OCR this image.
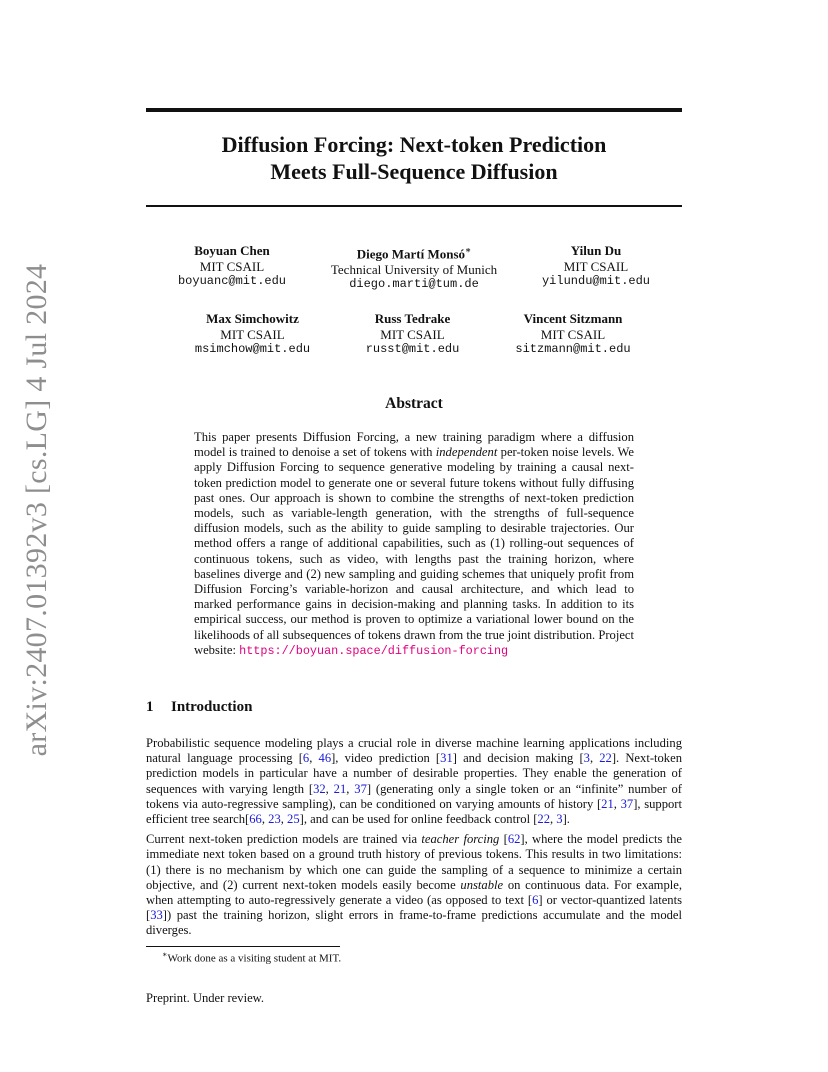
arXiv:2407.01392v3 [cs.LG] 4 Jul 2024
Diffusion Forcing: Next-token Prediction
Meets Full-Sequence Diffusion
Boyuan Chen
MIT CSAIL
boyuanc@mit.edu
Diego Martí Monsó∗
Technical University of Munich
diego.marti@tum.de
Yilun Du
MIT CSAIL
yilundu@mit.edu
Max Simchowitz
MIT CSAIL
msimchow@mit.edu
Russ Tedrake
MIT CSAIL
russt@mit.edu
Vincent Sitzmann
MIT CSAIL
sitzmann@mit.edu
Abstract
This paper presents Diffusion Forcing, a new training paradigm where a diffusion model is trained to denoise a set of tokens with independent per-token noise levels. We apply Diffusion Forcing to sequence generative modeling by training a causal next-token prediction model to generate one or several future tokens without fully diffusing past ones. Our approach is shown to combine the strengths of next-token prediction models, such as variable-length generation, with the strengths of full-sequence diffusion models, such as the ability to guide sampling to desirable trajectories. Our method offers a range of additional capabilities, such as (1) rolling-out sequences of continuous tokens, such as video, with lengths past the training horizon, where baselines diverge and (2) new sampling and guiding schemes that uniquely profit from Diffusion Forcing’s variable-horizon and causal architecture, and which lead to marked performance gains in decision-making and planning tasks. In addition to its empirical success, our method is proven to optimize a variational lower bound on the likelihoods of all subsequences of tokens drawn from the true joint distribution. Project website: https://boyuan.space/diffusion-forcing
1 Introduction

Probabilistic sequence modeling plays a crucial role in diverse machine learning applications including natural language processing [6, 46], video prediction [31] and decision making [3, 22]. Next-token prediction models in particular have a number of desirable properties. They enable the generation of sequences with varying length [32, 21, 37] (generating only a single token or an “infinite” number of tokens via auto-regressive sampling), can be conditioned on varying amounts of history [21, 37], support efficient tree search[66, 23, 25], and can be used for online feedback control [22, 3].

Current next-token prediction models are trained via teacher forcing [62], where the model predicts the immediate next token based on a ground truth history of previous tokens. This results in two limitations: (1) there is no mechanism by which one can guide the sampling of a sequence to minimize a certain objective, and (2) current next-token models easily become unstable on continuous data. For example, when attempting to auto-regressively generate a video (as opposed to text [6] or vector-quantized latents [33]) past the training horizon, slight errors in frame-to-frame predictions accumulate and the model diverges.

∗Work done as a visiting student at MIT.
Preprint. Under review.
